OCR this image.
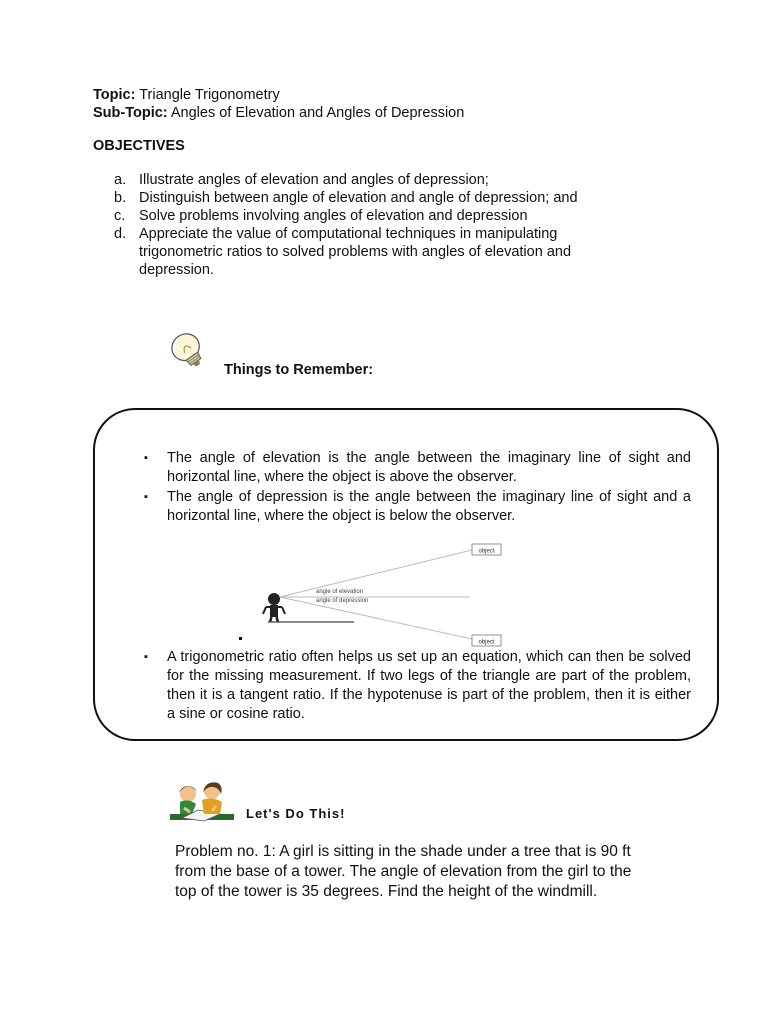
Topic: Triangle Trigonometry
Sub-Topic: Angles of Elevation and Angles of Depression
OBJECTIVES
a. Illustrate angles of elevation and angles of depression;
b. Distinguish between angle of elevation and angle of depression; and
c. Solve problems involving angles of elevation and depression
d. Appreciate the value of computational techniques in manipulating
trigonometric ratios to solved problems with angles of elevation and
depression.
Things to Remember:
▪ The angle of elevation is the angle between the imaginary line of sight and horizontal line, where the object is above the observer.
▪ The angle of depression is the angle between the imaginary line of sight and a horizontal line, where the object is below the observer.
object
object
angle of elevation
angle of depression
▪ A trigonometric ratio often helps us set up an equation, which can then be solved for the missing measurement. If two legs of the triangle are part of the problem, then it is a tangent ratio. If the hypotenuse is part of the problem, then it is either a sine or cosine ratio.
Let's Do This!
Problem no. 1: A girl is sitting in the shade under a tree that is 90 ft from the base of a tower. The angle of elevation from the girl to the top of the tower is 35 degrees. Find the height of the windmill.
